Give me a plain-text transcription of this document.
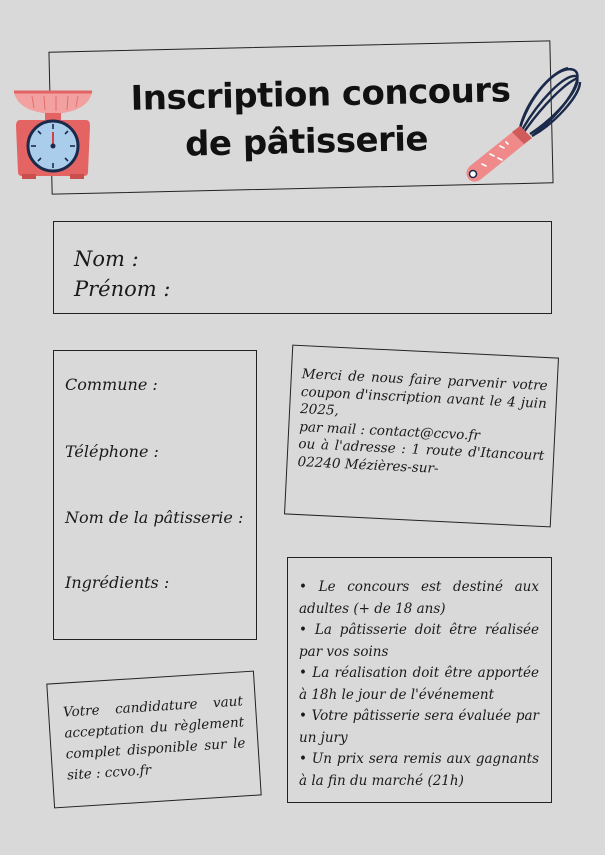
Inscription concours
de pâtisserie
Nom :
Prénom :
Commune :
Téléphone :
Nom de la pâtisserie :
Ingrédients :
Merci de nous faire parvenir votre coupon d'inscription avant le 4 juin 2025,
par mail : contact@ccvo.fr
ou à l'adresse : 1 route d'Itancourt 02240 Mézières-sur-
• Le concours est destiné aux adultes (+ de 18 ans)
• La pâtisserie doit être réalisée par vos soins
• La réalisation doit être apportée à 18h le jour de l'événement
• Votre pâtisserie sera évaluée par un jury
• Un prix sera remis aux gagnants à la fin du marché (21h)
Votre candidature vaut acceptation du règlement complet disponible sur le site : ccvo.fr
